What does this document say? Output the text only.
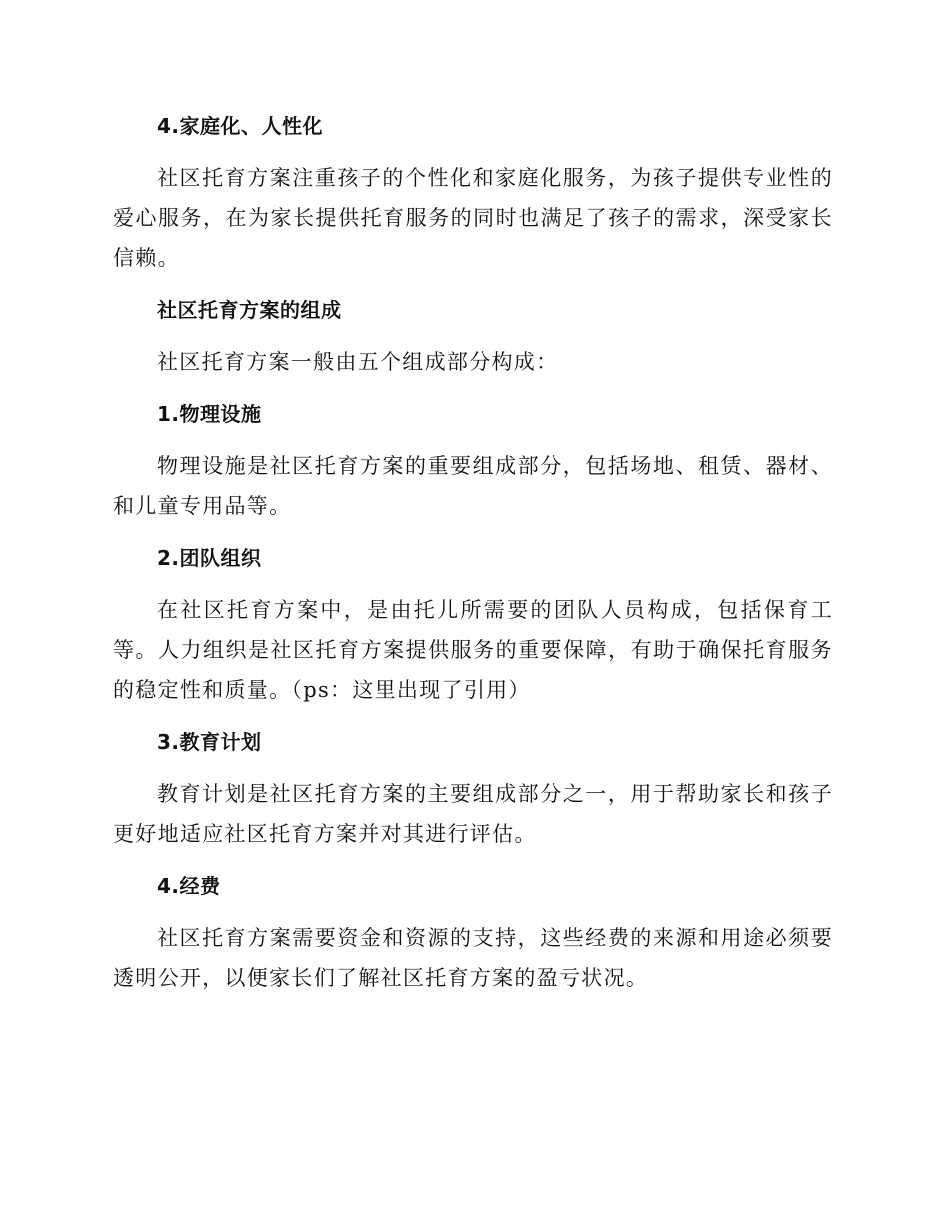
4.家庭化、人性化

社区托育方案注重孩子的个性化和家庭化服务，为孩子提供专业性的爱心服务，在为家长提供托育服务的同时也满足了孩子的需求，深受家长信赖。

社区托育方案的组成

社区托育方案一般由五个组成部分构成：

1.物理设施

物理设施是社区托育方案的重要组成部分，包括场地、租赁、器材、和儿童专用品等。

2.团队组织

在社区托育方案中，是由托儿所需要的团队人员构成，包括保育工等。人力组织是社区托育方案提供服务的重要保障，有助于确保托育服务的稳定性和质量。（ps：这里出现了引用）

3.教育计划

教育计划是社区托育方案的主要组成部分之一，用于帮助家长和孩子更好地适应社区托育方案并对其进行评估。

4.经费

社区托育方案需要资金和资源的支持，这些经费的来源和用途必须要透明公开，以便家长们了解社区托育方案的盈亏状况。
